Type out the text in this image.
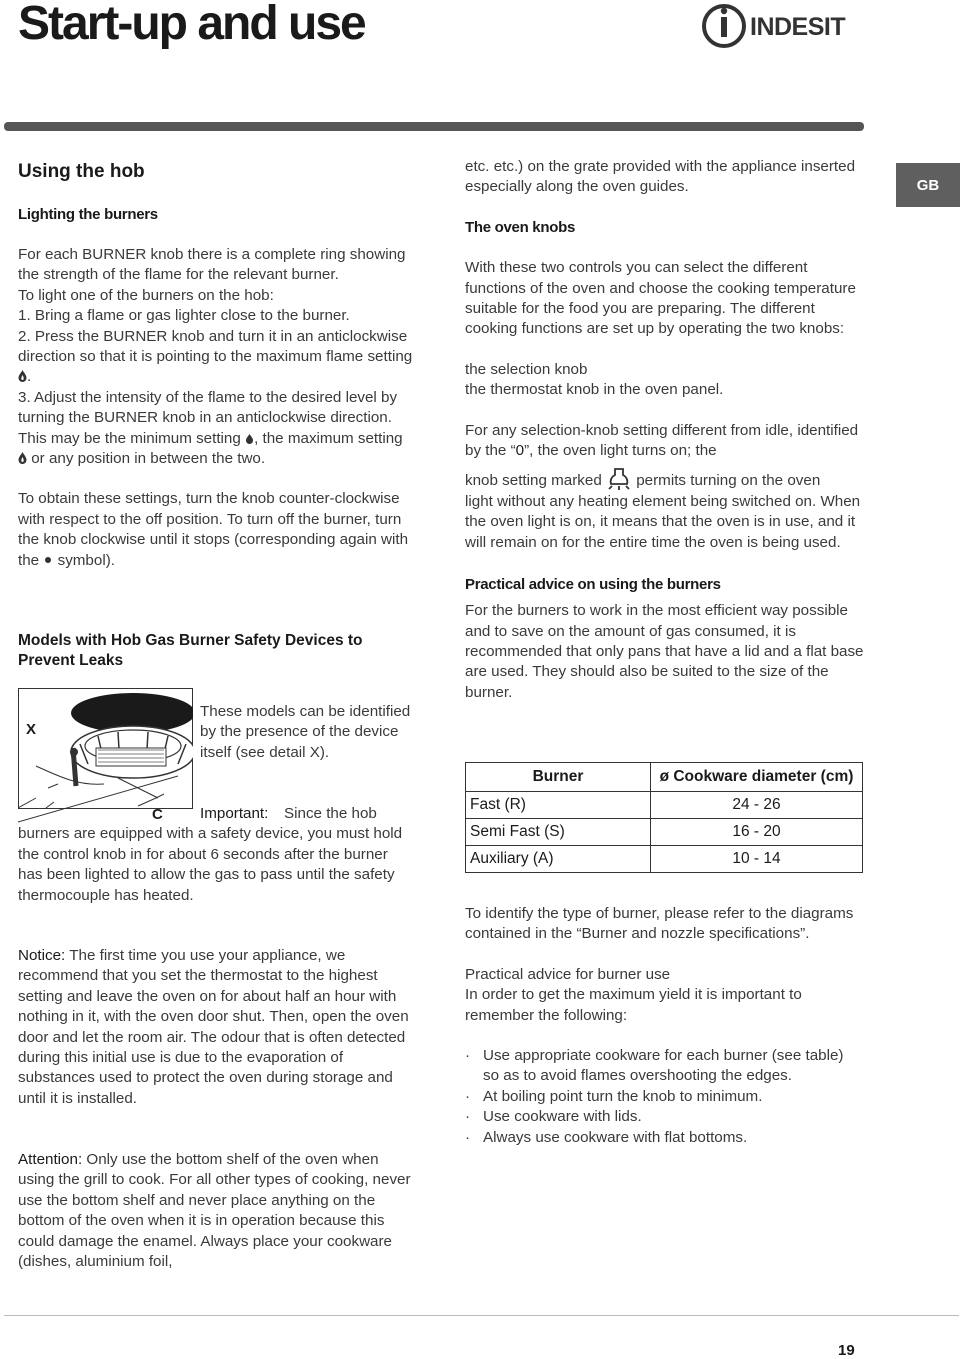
Start-up and use	INDESIT
GB
Using the hob
Lighting the burners

For each BURNER knob there is a complete ring showing the strength of the flame for the relevant burner.

To light one of the burners on the hob:

1. Bring a flame or gas lighter close to the burner.

2. Press the BURNER knob and turn it in an anticlockwise direction so that it is pointing to the maximum flame setting .

3. Adjust the intensity of the flame to the desired level by turning the BURNER knob in an anticlockwise direction. This may be the minimum setting , the maximum setting  or any position in between the two.

To obtain these settings, turn the knob counter-clockwise with respect to the off position. To turn off the burner, turn the knob clockwise until it stops (corresponding again with the symbol).

Models with Hob Gas Burner Safety Devices to Prevent Leaks
X
C
These models can be identified by the presence of the device itself (see detail X).
Important:	Since the hob burners are equipped with a safety device, you must hold the control knob in for about 6 seconds after the burner has been lighted to allow the gas to pass until the safety thermocouple has heated.

Notice: The first time you use your appliance, we recommend that you set the thermostat to the highest setting and leave the oven on for about half an hour with nothing in it, with the oven door shut. Then, open the oven door and let the room air. The odour that is often detected during this initial use is due to the evaporation of substances used to protect the oven during storage and until it is installed.

Attention: Only use the bottom shelf of the oven when using the grill to cook. For all other types of cooking, never use the bottom shelf and never place anything on the bottom of the oven when it is in operation because this could damage the enamel. Always place your cookware (dishes, aluminium foil,

etc. etc.) on the grate provided with the appliance inserted especially along the oven guides.

The oven knobs

With these two controls you can select the different functions of the oven and choose the cooking temperature suitable for the food you are preparing. The different cooking functions are set up by operating the two knobs:

the selection knob

the thermostat knob in the oven panel.

For any selection-knob setting different from idle, identified by the “0”, the oven light turns on; the

knob setting marked permits turning on the oven

light without any heating element being switched on. When the oven light is on, it means that the oven is in use, and it will remain on for the entire time the oven is being used.

Practical advice on using the burners

For the burners to work in the most efficient way possible and to save on the amount of gas consumed, it is recommended that only pans that have a lid and a flat base are used. They should also be suited to the size of the burner.

Burner	ø Cookware diameter (cm)
Fast (R)	24 - 26
Semi Fast (S)	16 - 20
Auxiliary (A)	10 - 14

To identify the type of burner, please refer to the diagrams contained in the “Burner and nozzle specifications”.

Practical advice for burner use

In order to get the maximum yield it is important to remember the following:

· Use appropriate cookware for each burner (see table) so as to avoid flames overshooting the edges.
· At boiling point turn the knob to minimum.
· Use cookware with lids.
· Always use cookware with flat bottoms.
19
